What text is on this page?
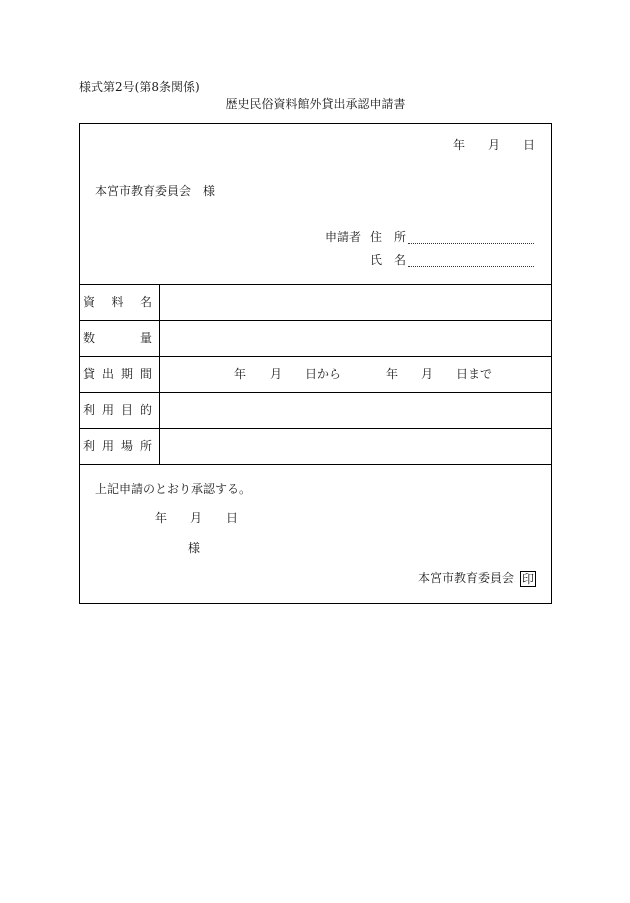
様式第2号(第8条関係)
歴史民俗資料館外貸出承認申請書
年 月 日
本宮市教育委員会　様
申請者 住　所
氏　名
資　料　名
数　　　量
貸 出 期 間	年 月 日から	年 月 日まで
利 用 目 的
利 用 場 所
上記申請のとおり承認する。
年 月 日
様
本宮市教育委員会 印
